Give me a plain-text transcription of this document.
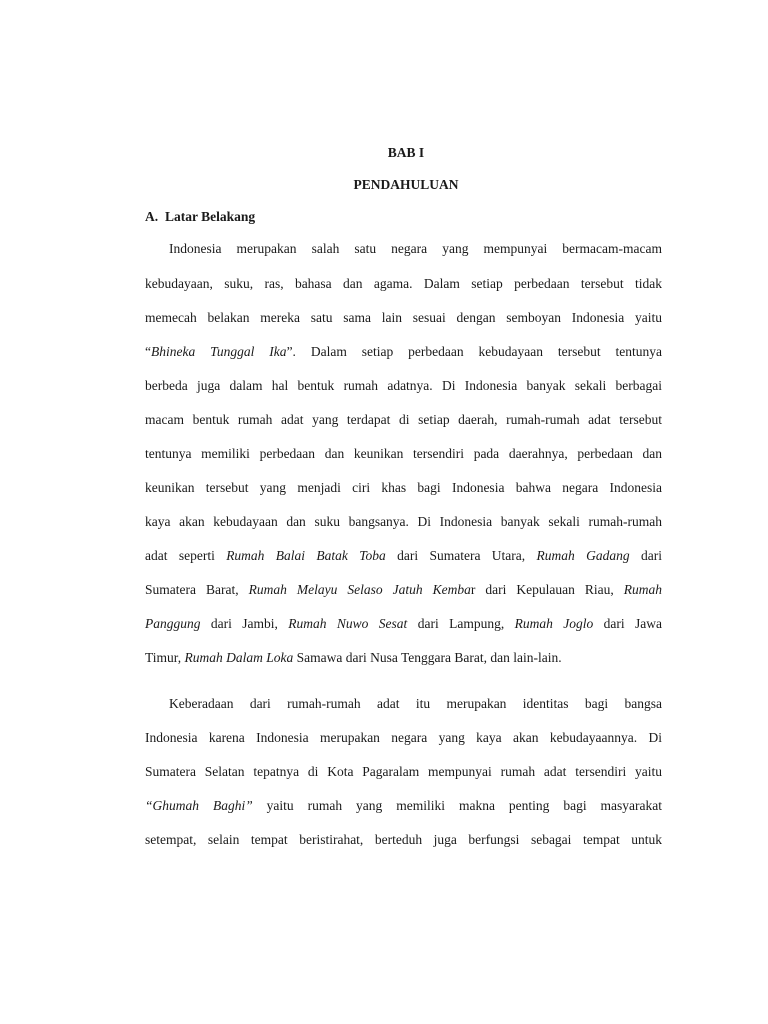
BAB I
PENDAHULUAN
A. Latar Belakang

Indonesia merupakan salah satu negara yang mempunyai bermacam-macam

kebudayaan, suku, ras, bahasa dan agama. Dalam setiap perbedaan tersebut tidak

memecah belakan mereka satu sama lain sesuai dengan semboyan Indonesia yaitu

“Bhineka Tunggal Ika”. Dalam setiap perbedaan kebudayaan tersebut tentunya

berbeda juga dalam hal bentuk rumah adatnya. Di Indonesia banyak sekali berbagai

macam bentuk rumah adat yang terdapat di setiap daerah, rumah-rumah adat tersebut

tentunya memiliki perbedaan dan keunikan tersendiri pada daerahnya, perbedaan dan

keunikan tersebut yang menjadi ciri khas bagi Indonesia bahwa negara Indonesia

kaya akan kebudayaan dan suku bangsanya. Di Indonesia banyak sekali rumah-rumah

adat seperti Rumah Balai Batak Toba dari Sumatera Utara, Rumah Gadang dari

Sumatera Barat, Rumah Melayu Selaso Jatuh Kembar dari Kepulauan Riau, Rumah

Panggung dari Jambi, Rumah Nuwo Sesat dari Lampung, Rumah Joglo dari Jawa

Timur, Rumah Dalam Loka Samawa dari Nusa Tenggara Barat, dan lain-lain.

Keberadaan dari rumah-rumah adat itu merupakan identitas bagi bangsa

Indonesia karena Indonesia merupakan negara yang kaya akan kebudayaannya. Di

Sumatera Selatan tepatnya di Kota Pagaralam mempunyai rumah adat tersendiri yaitu

“Ghumah Baghi” yaitu rumah yang memiliki makna penting bagi masyarakat

setempat, selain tempat beristirahat, berteduh juga berfungsi sebagai tempat untuk
